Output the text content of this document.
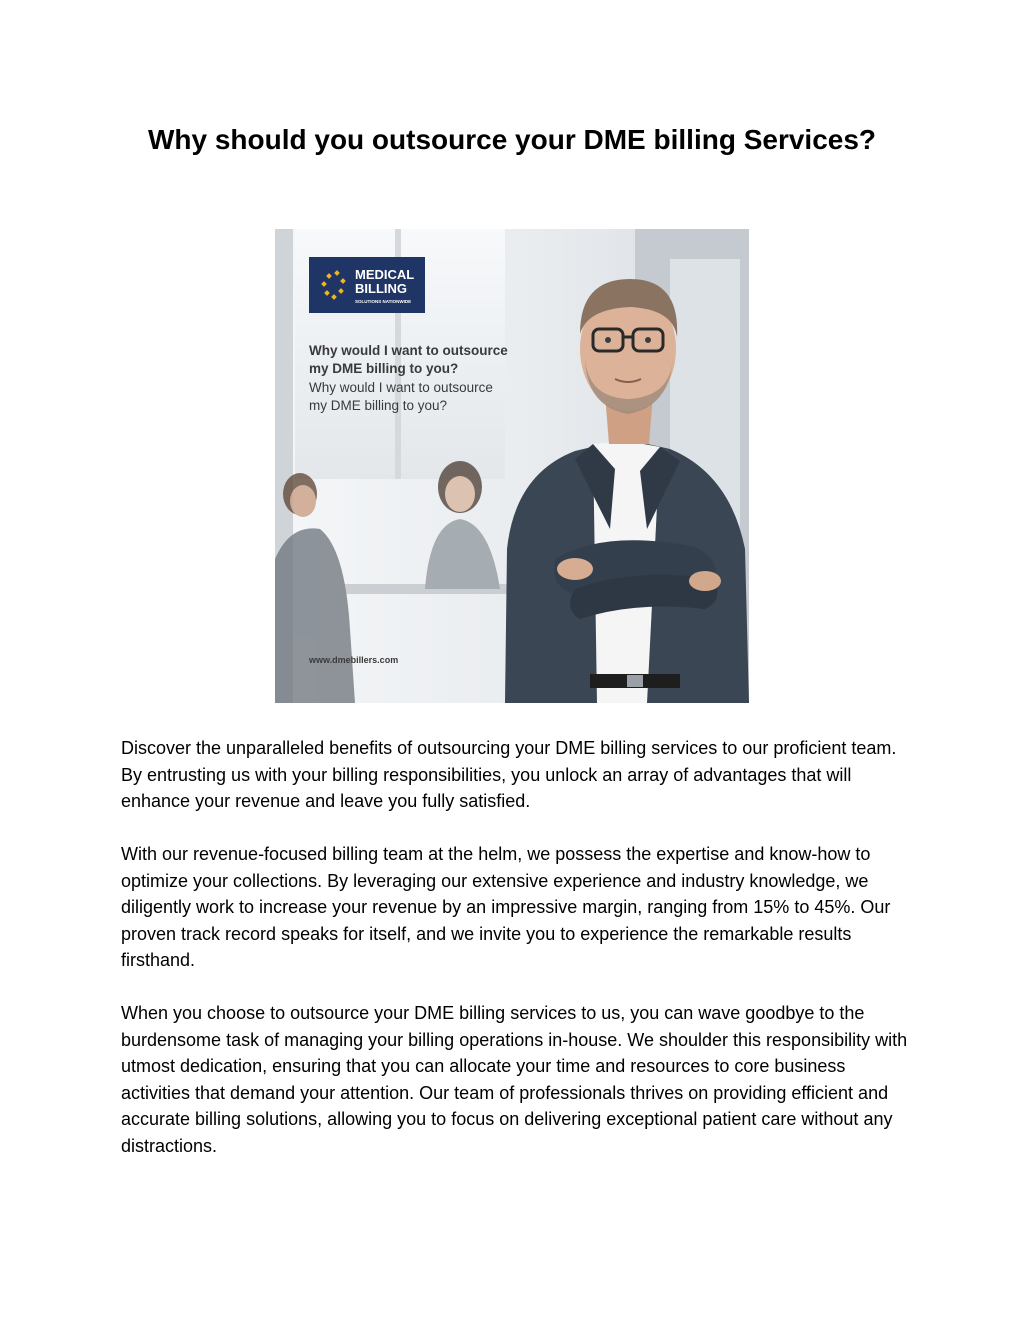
Why should you outsource your DME billing Services?
MEDICAL
BILLING
SOLUTIONS NATIONWIDE
Why would I want to outsource
my DME billing to you?
Why would I want to outsource
my DME billing to you?
www.dmebillers.com

Discover the unparalleled benefits of outsourcing your DME billing services to our proficient team. By entrusting us with your billing responsibilities, you unlock an array of advantages that will enhance your revenue and leave you fully satisfied.

With our revenue-focused billing team at the helm, we possess the expertise and know-how to optimize your collections. By leveraging our extensive experience and industry knowledge, we diligently work to increase your revenue by an impressive margin, ranging from 15% to 45%. Our proven track record speaks for itself, and we invite you to experience the remarkable results firsthand.

When you choose to outsource your DME billing services to us, you can wave goodbye to the burdensome task of managing your billing operations in-house. We shoulder this responsibility with utmost dedication, ensuring that you can allocate your time and resources to core business activities that demand your attention. Our team of professionals thrives on providing efficient and accurate billing solutions, allowing you to focus on delivering exceptional patient care without any distractions.
